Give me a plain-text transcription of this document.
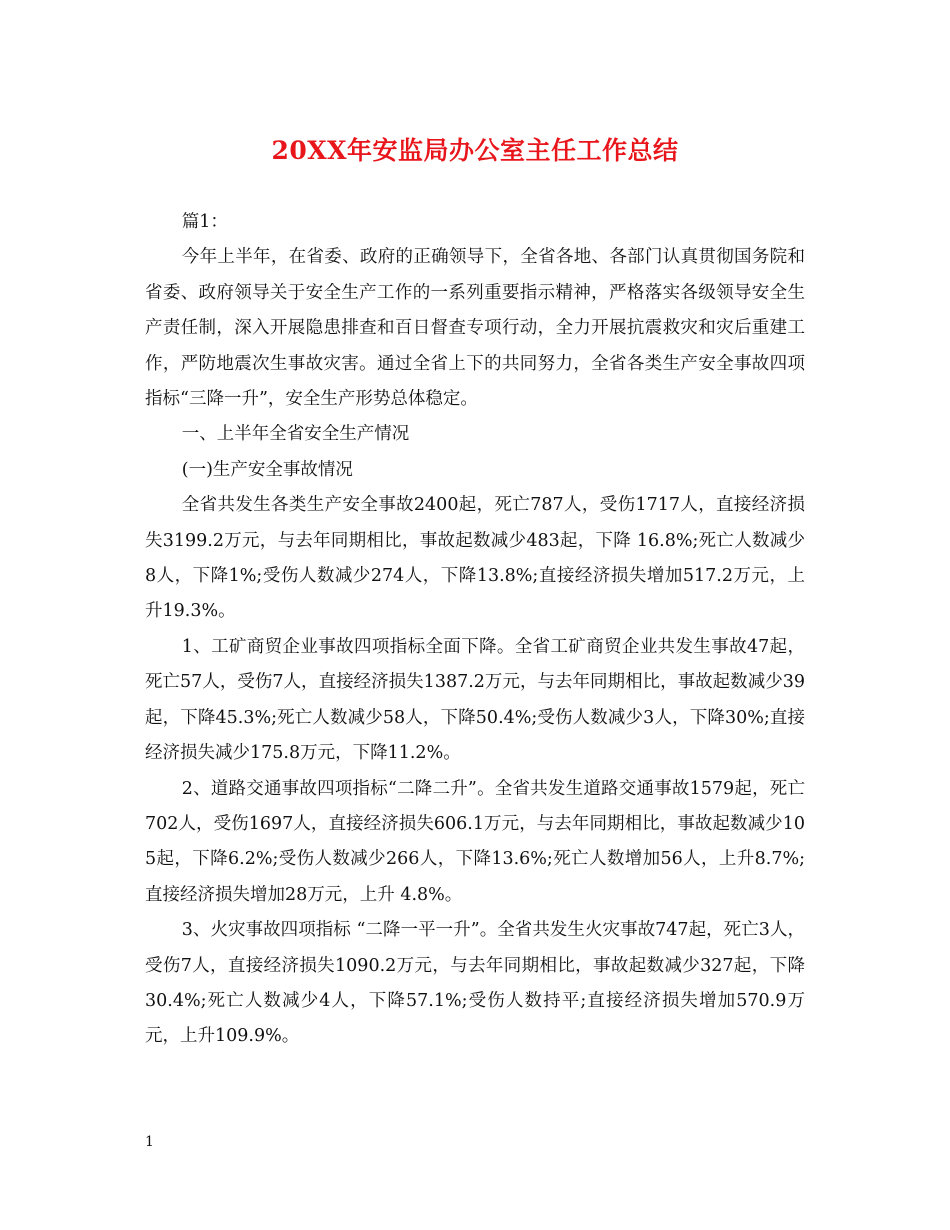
20XX年安监局办公室主任工作总结

篇1：

今年上半年，在省委、政府的正确领导下，全省各地、各部门认真贯彻国务院和省委、政府领导关于安全生产工作的一系列重要指示精神，严格落实各级领导安全生产责任制，深入开展隐患排查和百日督查专项行动，全力开展抗震救灾和灾后重建工作，严防地震次生事故灾害。通过全省上下的共同努力，全省各类生产安全事故四项指标“三降一升”，安全生产形势总体稳定。

一、上半年全省安全生产情况

(一)生产安全事故情况

全省共发生各类生产安全事故2400起，死亡787人，受伤1717人，直接经济损失3199.2万元，与去年同期相比，事故起数减少483起，下降 16.8%;死亡人数减少8人，下降1%;受伤人数减少274人，下降13.8%;直接经济损失增加517.2万元，上升19.3%。

1、工矿商贸企业事故四项指标全面下降。全省工矿商贸企业共发生事故47起，死亡57人，受伤7人，直接经济损失1387.2万元，与去年同期相比，事故起数减少39起，下降45.3%;死亡人数减少58人，下降50.4%;受伤人数减少3人，下降30%;直接经济损失减少175.8万元，下降11.2%。

2、道路交通事故四项指标“二降二升”。全省共发生道路交通事故1579起，死亡702人，受伤1697人，直接经济损失606.1万元，与去年同期相比，事故起数减少105起，下降6.2%;受伤人数减少266人，下降13.6%;死亡人数增加56人，上升8.7%;直接经济损失增加28万元，上升 4.8%。

3、火灾事故四项指标 “二降一平一升”。全省共发生火灾事故747起，死亡3人，受伤7人，直接经济损失1090.2万元，与去年同期相比，事故起数减少327起，下降 30.4%;死亡人数减少4人，下降57.1%;受伤人数持平;直接经济损失增加570.9万元，上升109.9%。

1
